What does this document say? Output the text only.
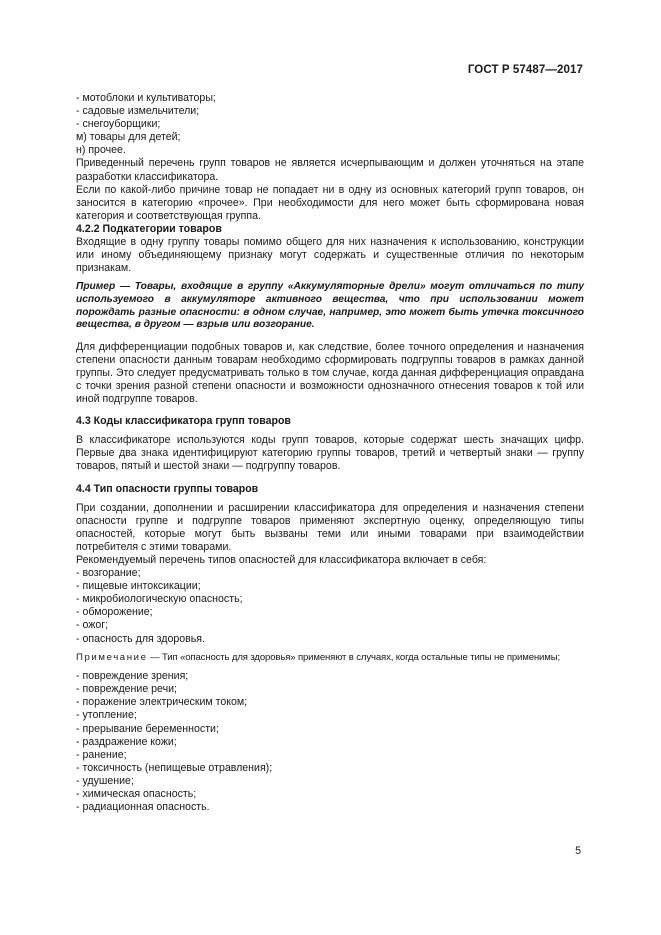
ГОСТ Р 57487—2017

- мотоблоки и культиваторы;

- садовые измельчители;

- снегоуборщики;

м) товары для детей;

н) прочее.

Приведенный перечень групп товаров не является исчерпывающим и должен уточняться на этапе разработки классификатора.

Если по какой-либо причине товар не попадает ни в одну из основных категорий групп товаров, он заносится в категорию «прочее». При необходимости для него может быть сформирована новая категория и соответствующая группа.

4.2.2 Подкатегории товаров

Входящие в одну группу товары помимо общего для них назначения к использованию, конструкции или иному объединяющему признаку могут содержать и существенные отличия по некоторым признакам.

Пример — Товары, входящие в группу «Аккумуляторные дрели» могут отличаться по типу используемого в аккумуляторе активного вещества, что при использовании может порождать разные опасности: в одном случае, например, это может быть утечка токсичного вещества, в другом — взрыв или возгорание.

Для дифференциации подобных товаров и, как следствие, более точного определения и назначения степени опасности данным товарам необходимо сформировать подгруппы товаров в рамках данной группы. Это следует предусматривать только в том случае, когда данная дифференциация оправдана с точки зрения разной степени опасности и возможности однозначного отнесения товаров к той или иной подгруппе товаров.

4.3 Коды классификатора групп товаров

В классификаторе используются коды групп товаров, которые содержат шесть значащих цифр. Первые два знака идентифицируют категорию группы товаров, третий и четвертый знаки — группу товаров, пятый и шестой знаки — подгруппу товаров.

4.4 Тип опасности группы товаров

При создании, дополнении и расширении классификатора для определения и назначения степени опасности группе и подгруппе товаров применяют экспертную оценку, определяющую типы опасностей, которые могут быть вызваны теми или иными товарами при взаимодействии потребителя с этими товарами.

Рекомендуемый перечень типов опасностей для классификатора включает в себя:

- возгорание;

- пищевые интоксикации;

- микробиологическую опасность;

- обморожение;

- ожог;

- опасность для здоровья.

Примечание — Тип «опасность для здоровья» применяют в случаях, когда остальные типы не применимы;

- повреждение зрения;

- повреждение речи;

- поражение электрическим током;

- утопление;

- прерывание беременности;

- раздражение кожи;

- ранение;

- токсичность (непищевые отравления);

- удушение;

- химическая опасность;

- радиационная опасность.

5
